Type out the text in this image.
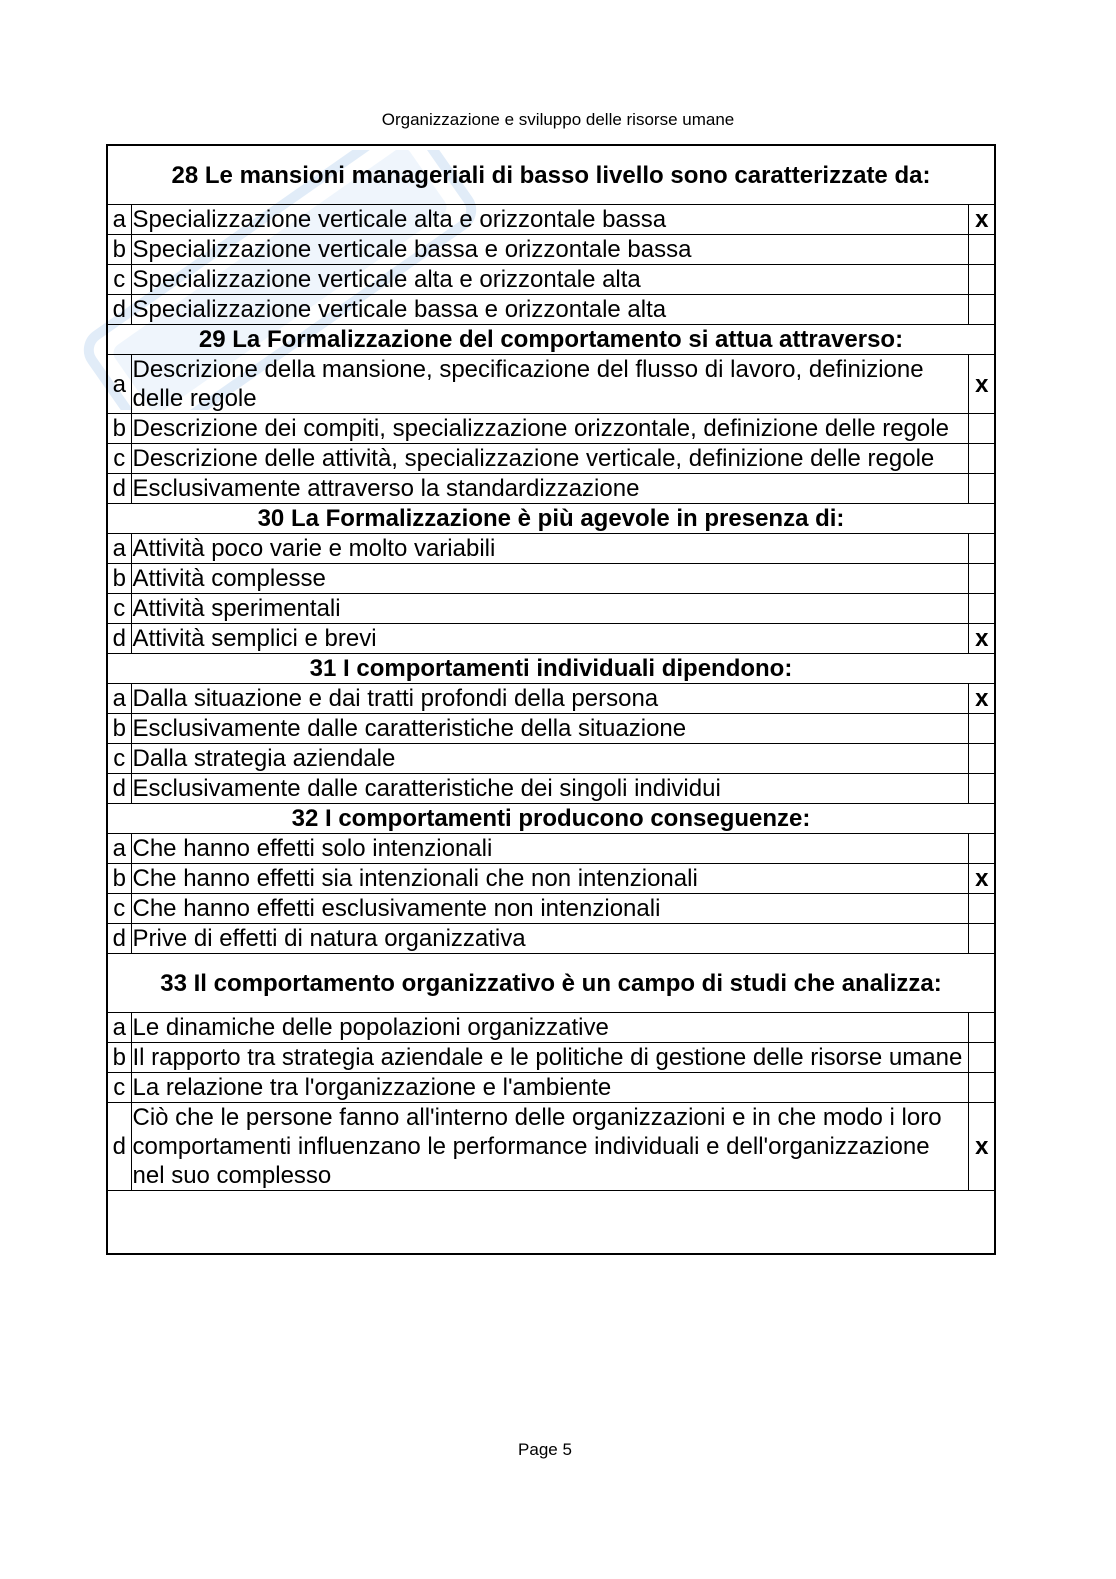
Organizzazione e sviluppo delle risorse umane
28 Le mansioni manageriali di basso livello sono caratterizzate da:		
a	Specializzazione verticale alta e orizzontale bassa	x
b	Specializzazione verticale bassa e orizzontale bassa	
c	Specializzazione verticale alta e orizzontale alta	
d	Specializzazione verticale bassa e orizzontale alta	
29 La Formalizzazione del comportamento si attua attraverso:		
a	Descrizione della mansione, specificazione del flusso di lavoro, definizione delle regole	x
b	Descrizione dei compiti, specializzazione orizzontale, definizione delle regole	
c	Descrizione delle attività, specializzazione verticale, definizione delle regole	
d	Esclusivamente attraverso la standardizzazione	
30 La Formalizzazione è più agevole in presenza di:		
a	Attività poco varie e molto variabili	
b	Attività complesse	
c	Attività sperimentali	
d	Attività semplici e brevi	x
31 I comportamenti individuali dipendono:		
a	Dalla situazione e dai tratti profondi della persona	x
b	Esclusivamente dalle caratteristiche della situazione	
c	Dalla strategia aziendale	
d	Esclusivamente dalle caratteristiche dei singoli individui	
32 I comportamenti producono conseguenze:		
a	Che hanno effetti solo intenzionali	
b	Che hanno effetti sia intenzionali che non intenzionali	x
c	Che hanno effetti esclusivamente non intenzionali	
d	Prive di effetti di natura organizzativa	
33 Il comportamento organizzativo è un campo di studi che analizza:		
a	Le dinamiche delle popolazioni organizzative	
b	Il rapporto tra strategia aziendale e le politiche di gestione delle risorse umane	
c	La relazione tra l'organizzazione e l'ambiente	
d	Ciò che le persone fanno all'interno delle organizzazioni e in che modo i loro comportamenti influenzano le performance individuali e dell'organizzazione nel suo complesso	x

Page 5
